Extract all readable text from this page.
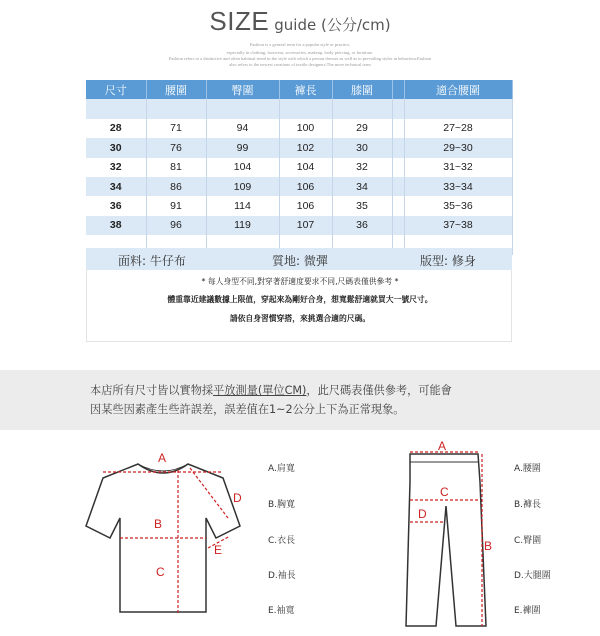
SIZE guide (公分/cm)
Fashion is a general term for a popular style or practice,
especially in clothing, footwear, accessories, makeup, body piercing, or furniture.
Fashion refers to a distinctive and often habitual trend in the style with which a person dresses as well as to prevailing styles in behaviour.Fashion
also refers to the newest creations of textile designers.The more technical term
尺寸	腰圍	臀圍	褲長	膝圍		適合腰圍

28	71	94	100	29		27~28
30	76	99	102	30		29~30
32	81	104	104	32		31~32
34	86	109	106	34		33~34
36	91	114	106	35		35~36
38	96	119	107	36		37~38

面料: 牛仔布	質地: 微彈	版型: 修身
* 每人身型不同,對穿著舒適度要求不同,尺碼表僅供參考 *
體重靠近建議數據上限值，穿起來為剛好合身，想寬鬆舒適就買大一號尺寸。
請依自身習慣穿搭，來挑選合適的尺碼。

本店所有尺寸皆以實物採平放測量(單位CM)，此尺碼表僅供參考，可能會

因某些因素產生些許誤差，誤差值在1~2公分上下為正常現象。

A
B
C
D
E
A.肩寬
B.胸寬
C.衣長
D.袖長
E.袖寬
A
B
C
D
A.腰圍
B.褲長
C.臀圍
D.大腿圍
E.褲圍
